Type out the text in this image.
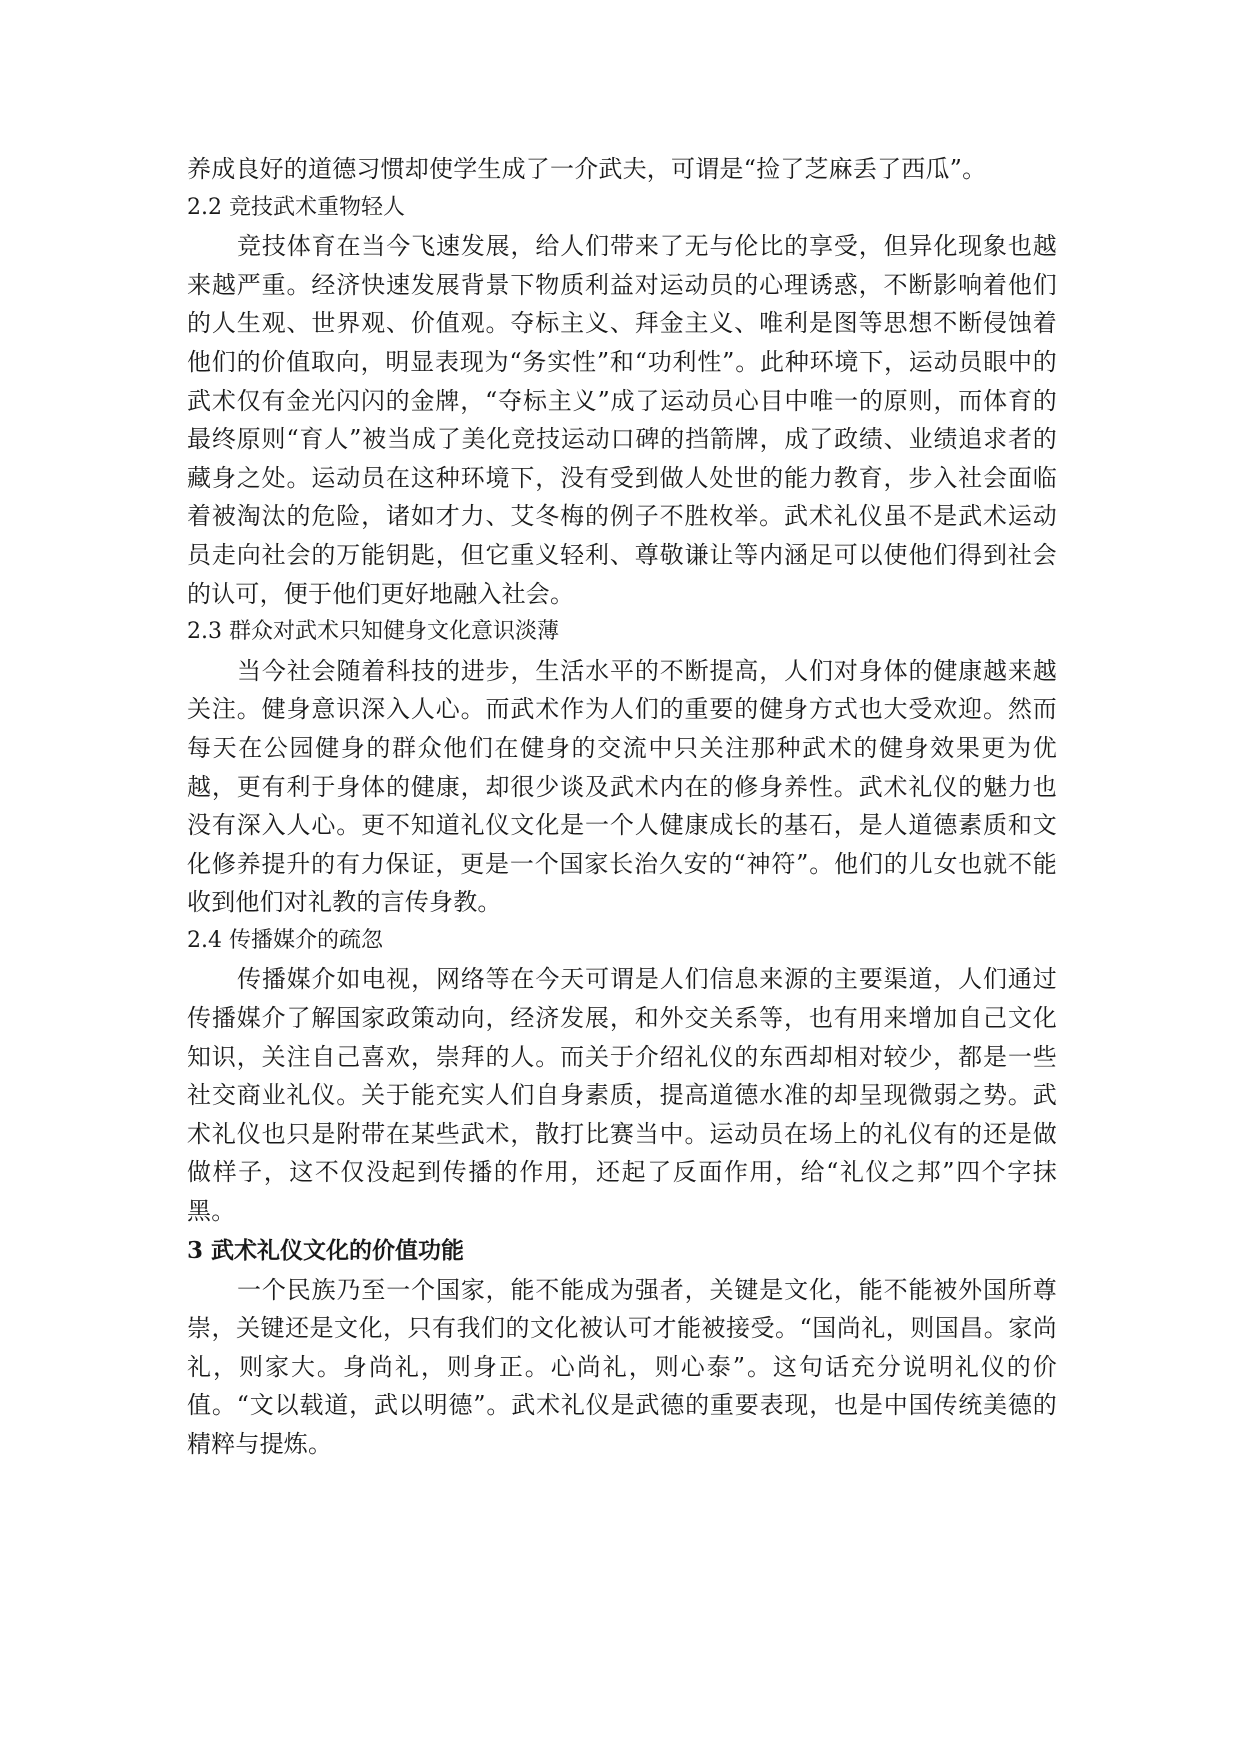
养成良好的道德习惯却使学生成了一介武夫，可谓是“捡了芝麻丢了西瓜”。

2.2 竞技武术重物轻人

竞技体育在当今飞速发展，给人们带来了无与伦比的享受，但异化现象也越来越严重。经济快速发展背景下物质利益对运动员的心理诱惑，不断影响着他们的人生观、世界观、价值观。夺标主义、拜金主义、唯利是图等思想不断侵蚀着他们的价值取向，明显表现为“务实性”和“功利性”。此种环境下，运动员眼中的武术仅有金光闪闪的金牌，“夺标主义”成了运动员心目中唯一的原则，而体育的最终原则“育人”被当成了美化竞技运动口碑的挡箭牌，成了政绩、业绩追求者的藏身之处。运动员在这种环境下，没有受到做人处世的能力教育，步入社会面临着被淘汰的危险，诸如才力、艾冬梅的例子不胜枚举。武术礼仪虽不是武术运动员走向社会的万能钥匙，但它重义轻利、尊敬谦让等内涵足可以使他们得到社会的认可，便于他们更好地融入社会。

2.3 群众对武术只知健身文化意识淡薄

当今社会随着科技的进步，生活水平的不断提高，人们对身体的健康越来越关注。健身意识深入人心。而武术作为人们的重要的健身方式也大受欢迎。然而每天在公园健身的群众他们在健身的交流中只关注那种武术的健身效果更为优越，更有利于身体的健康，却很少谈及武术内在的修身养性。武术礼仪的魅力也没有深入人心。更不知道礼仪文化是一个人健康成长的基石，是人道德素质和文化修养提升的有力保证，更是一个国家长治久安的“神符”。他们的儿女也就不能收到他们对礼教的言传身教。

2.4 传播媒介的疏忽

传播媒介如电视，网络等在今天可谓是人们信息来源的主要渠道，人们通过传播媒介了解国家政策动向，经济发展，和外交关系等，也有用来增加自己文化知识，关注自己喜欢，崇拜的人。而关于介绍礼仪的东西却相对较少，都是一些社交商业礼仪。关于能充实人们自身素质，提高道德水准的却呈现微弱之势。武术礼仪也只是附带在某些武术，散打比赛当中。运动员在场上的礼仪有的还是做做样子，这不仅没起到传播的作用，还起了反面作用，给“礼仪之邦”四个字抹黑。

3 武术礼仪文化的价值功能

一个民族乃至一个国家，能不能成为强者，关键是文化，能不能被外国所尊崇，关键还是文化，只有我们的文化被认可才能被接受。“国尚礼，则国昌。家尚礼，则家大。身尚礼，则身正。心尚礼，则心泰”。这句话充分说明礼仪的价值。“文以载道，武以明德”。武术礼仪是武德的重要表现，也是中国传统美德的精粹与提炼。
